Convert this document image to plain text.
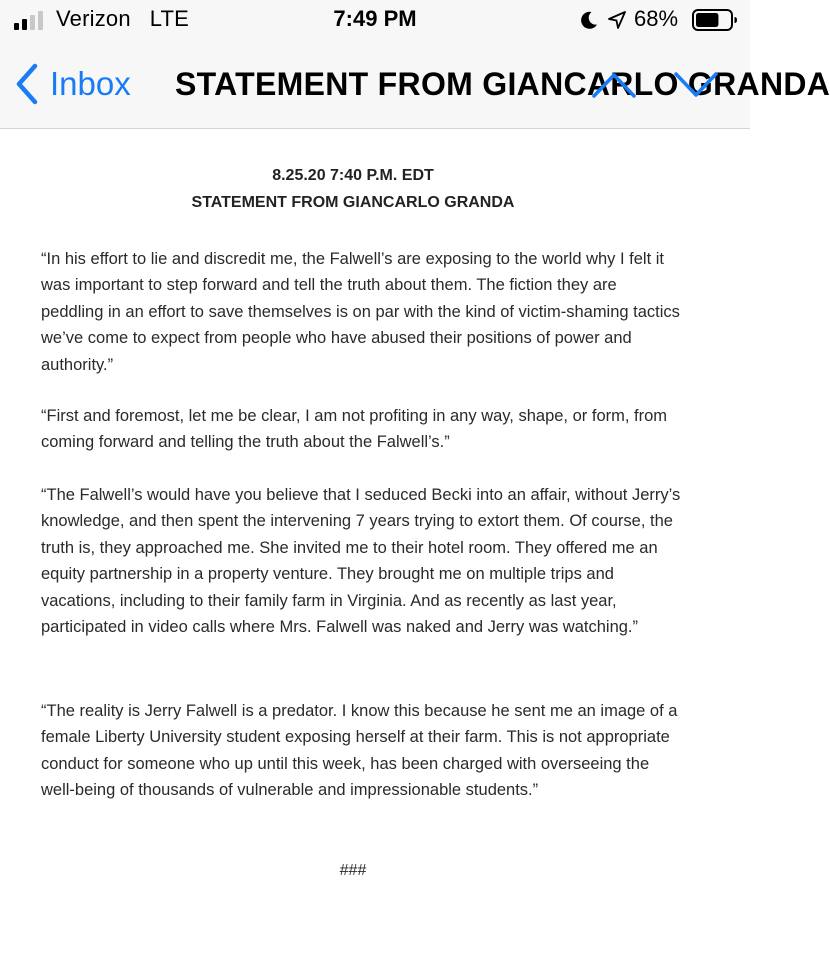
Verizon LTE	7:49 PM	68%
Inbox STATEMENT FROM GIANCARLO GRANDA
8.25.20 7:40 P.M. EDT
STATEMENT FROM GIANCARLO GRANDA

“In his effort to lie and discredit me, the Falwell’s are exposing to the world why I felt it was important to step forward and tell the truth about them. The fiction they are peddling in an effort to save themselves is on par with the kind of victim-shaming tactics we’ve come to expect from people who have abused their positions of power and authority.”

“First and foremost, let me be clear, I am not profiting in any way, shape, or form, from coming forward and telling the truth about the Falwell’s.”

“The Falwell’s would have you believe that I seduced Becki into an affair, without Jerry’s knowledge, and then spent the intervening 7 years trying to extort them. Of course, the truth is, they approached me. She invited me to their hotel room. They offered me an equity partnership in a property venture. They brought me on multiple trips and vacations, including to their family farm in Virginia. And as recently as last year, participated in video calls where Mrs. Falwell was naked and Jerry was watching.”

“The reality is Jerry Falwell is a predator. I know this because he sent me an image of a female Liberty University student exposing herself at their farm. This is not appropriate conduct for someone who up until this week, has been charged with overseeing the well-being of thousands of vulnerable and impressionable students.”

###
